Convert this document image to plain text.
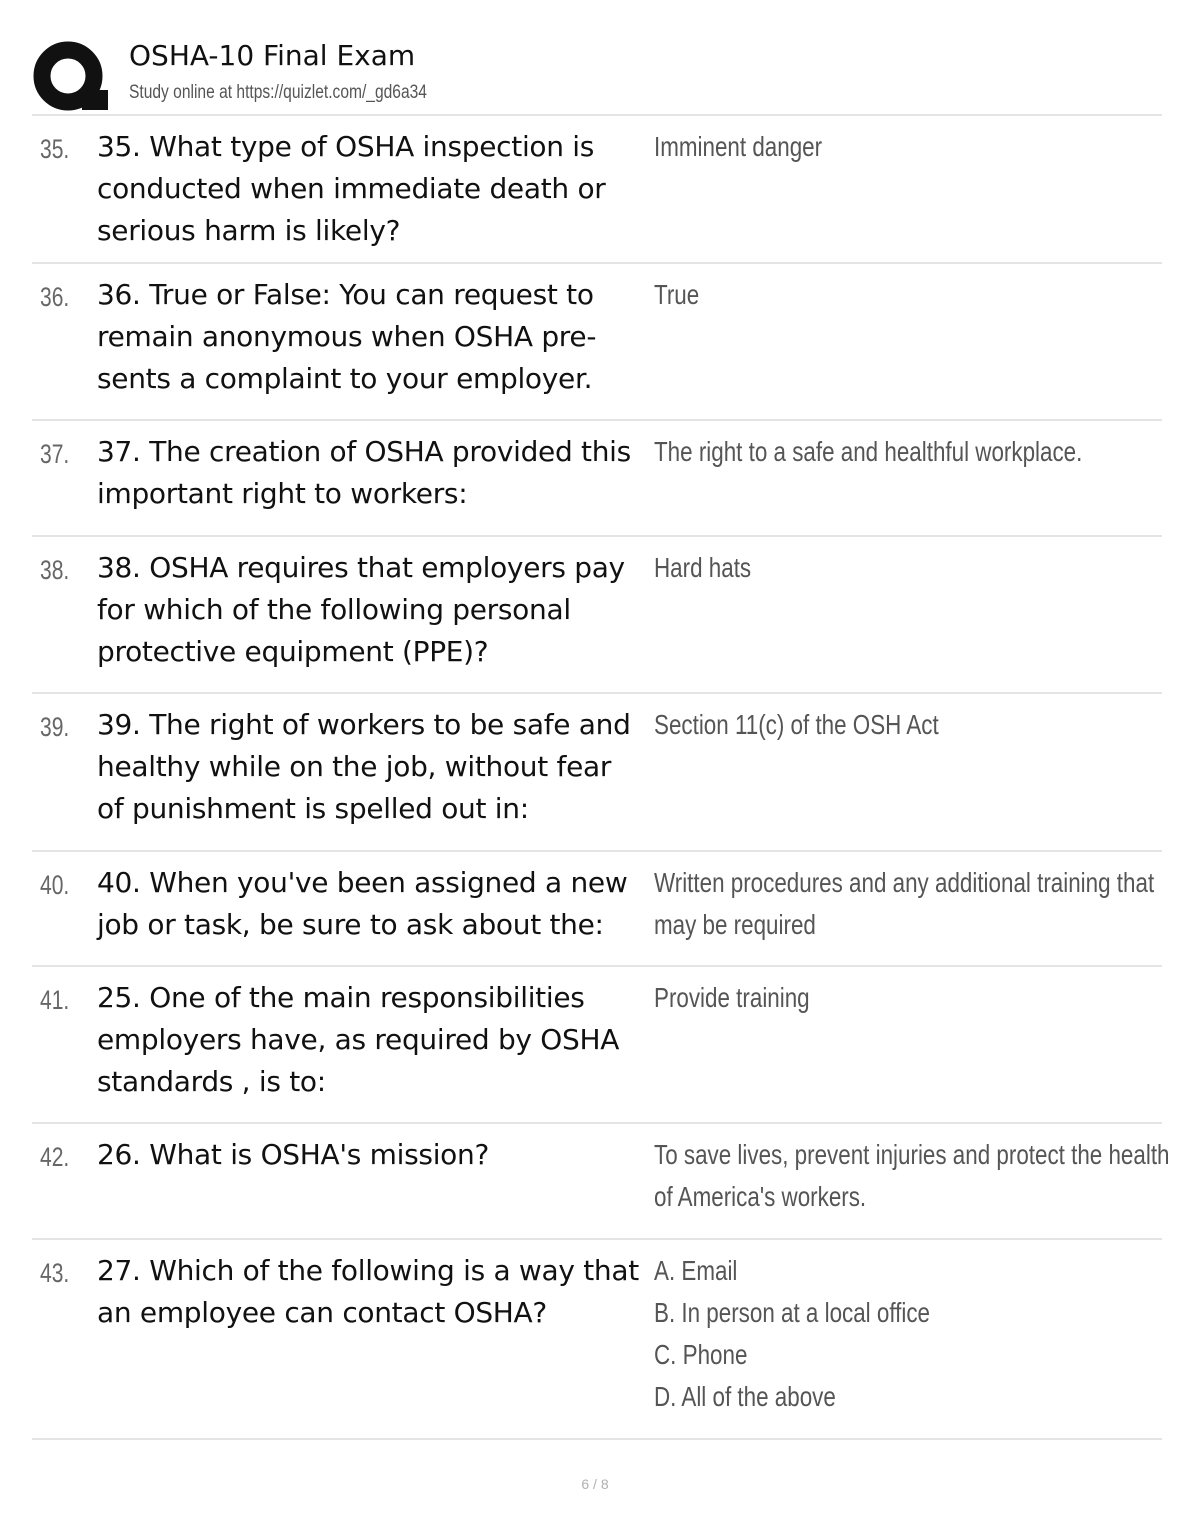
OSHA-10 Final Exam
Study online at https://quizlet.com/_gd6a34
35. 35. What type of OSHA inspection is
conducted when immediate death or
serious harm is likely?
Imminent danger
36. 36. True or False: You can request to
remain anonymous when OSHA pre-
sents a complaint to your employer.
True
37. 37. The creation of OSHA provided this
important right to workers:
The right to a safe and healthful workplace.
38. 38. OSHA requires that employers pay
for which of the following personal
protective equipment (PPE)?
Hard hats
39. 39. The right of workers to be safe and
healthy while on the job, without fear
of punishment is spelled out in:
Section 11(c) of the OSH Act
40. 40. When you've been assigned a new
job or task, be sure to ask about the:
Written procedures and any additional training that
may be required
41. 25. One of the main responsibilities
employers have, as required by OSHA
standards , is to:
Provide training
42. 26. What is OSHA's mission?	To save lives, prevent injuries and protect the health
of America's workers.
43. 27. Which of the following is a way that
an employee can contact OSHA?
A. Email
B. In person at a local office
C. Phone
D. All of the above
6 / 8
